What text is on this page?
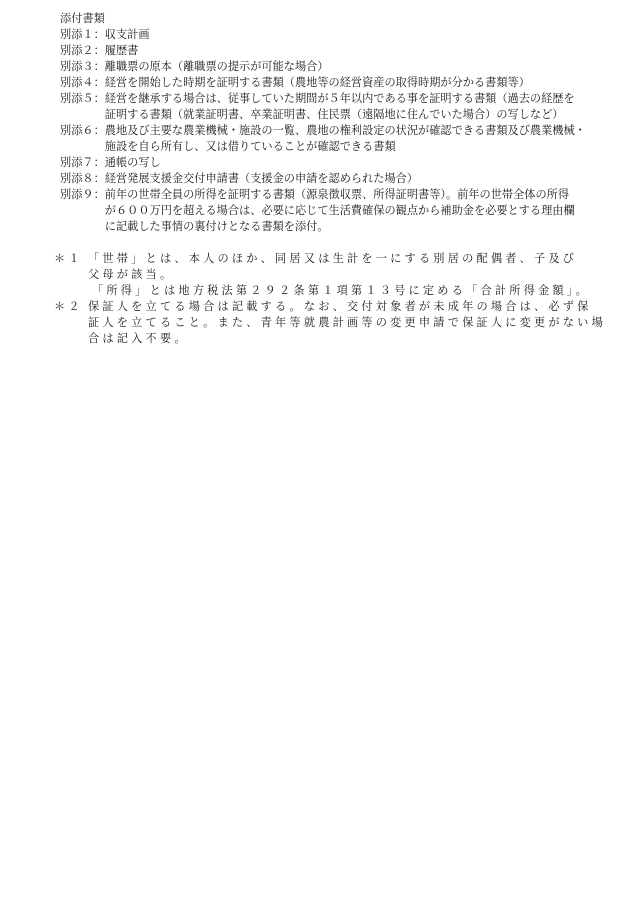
添付書類
別添１ ： 収支計画
別添２ ： 履歴書
別添３ ： 離職票の原本（離職票の提示が可能な場合）
別添４ ： 経営を開始した時期を証明する書類（農地等の経営資産の取得時期が分かる書類等）
別添５ ： 経営を継承する場合は、従事していた期間が５年以内である事を証明する書類（過去の経歴を
証明する書類（就業証明書、卒業証明書、住民票（遠隔地に住んでいた場合）の写しなど）
別添６ ： 農地及び主要な農業機械・施設の一覧、農地の権利設定の状況が確認できる書類及び農業機械・
施設を自ら所有し、又は借りていることが確認できる書類
別添７ ： 通帳の写し
別添８ ： 経営発展支援金交付申請書（支援金の申請を認められた場合）
別添９ ： 前年の世帯全員の所得を証明する書類（源泉徴収票、所得証明書等）。前年の世帯全体の所得
が６００万円を超える場合は、必要に応じて生活費確保の観点から補助金を必要とする理由欄
に記載した事情の裏付けとなる書類を添付。
＊１ 「世帯」とは、本人のほか、同居又は生計を一にする別居の配偶者、子及び
父母が該当。
「所得」とは地方税法第２９２条第１項第１３号に定める「合計所得金額」。
＊２ 保証人を立てる場合は記載する。なお、交付対象者が未成年の場合は、必ず保
証人を立てること。また、青年等就農計画等の変更申請で保証人に変更がない場
合は記入不要。
